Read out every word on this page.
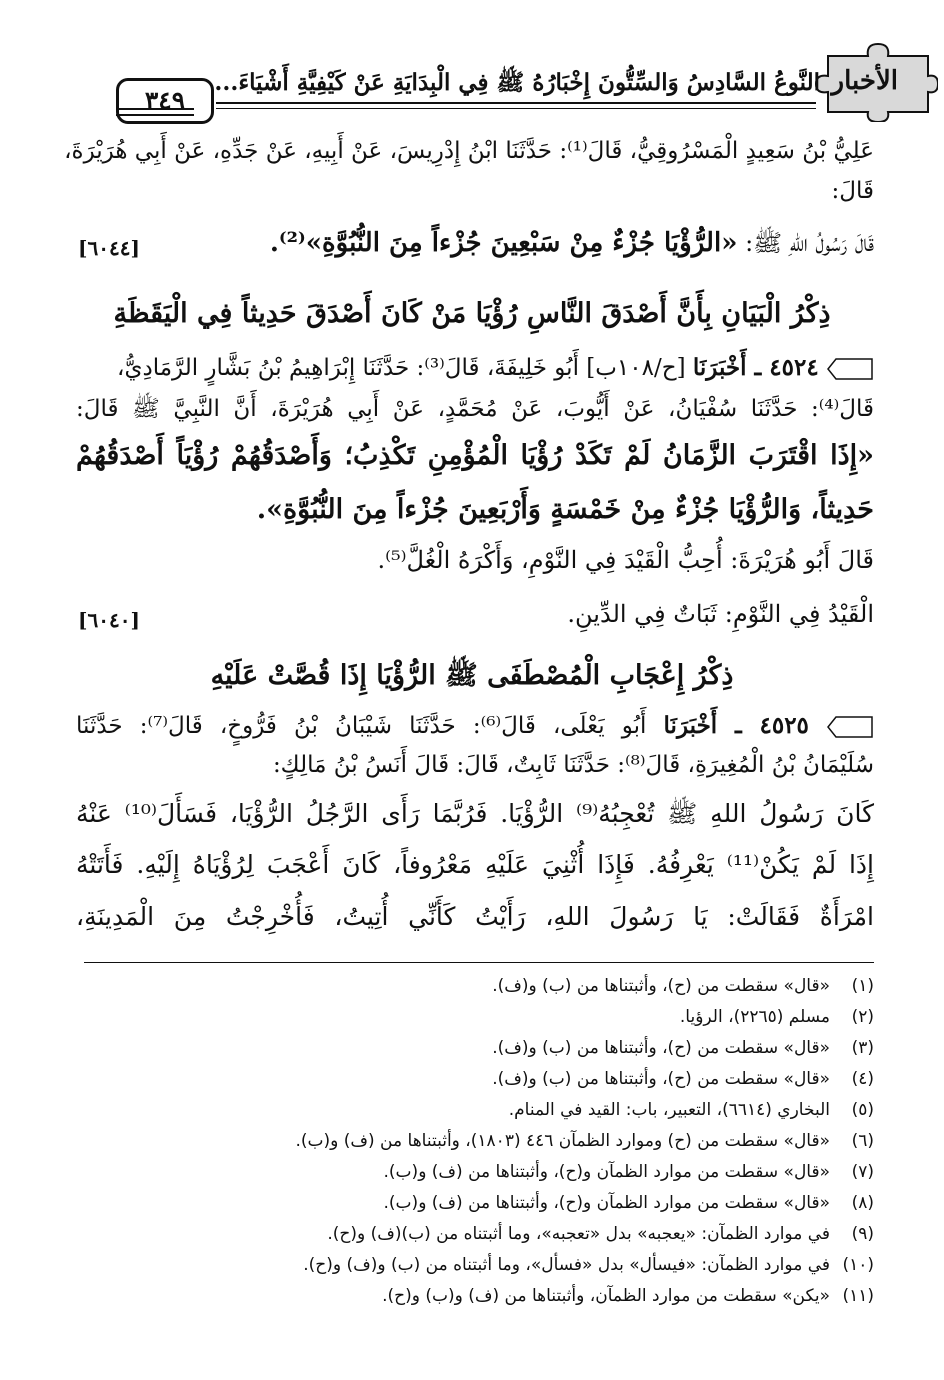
الأخبار
النَّوعُ السَّادِسُ وَالسِّتُّونَ إِخْبَارُهُ ﷺ فِي الْبِدَايَةِ عَنْ كَيْفِيَّةِ أَشْيَاءَ...
٣٤٩
عَلِيُّ بْنُ سَعِيدٍ الْمَسْرُوقِيُّ، قَالَ⁽¹⁾: حَدَّثَنَا ابْنُ إِدْرِيسَ، عَنْ أَبِيهِ، عَنْ جَدِّهِ، عَنْ أَبِي هُرَيْرَةَ،
قَالَ:
قَالَ رَسُولُ اللهِ ﷺ: «الرُّؤْيَا جُزْءٌ مِنْ سَبْعِينَ جُزْءاً مِنَ النُّبُوَّةِ»⁽²⁾.
[٦٠٤٤]
ذِكْرُ الْبَيَانِ بِأَنَّ أَصْدَقَ النَّاسِ رُؤْيَا مَنْ كَانَ أَصْدَقَ حَدِيثاً فِي الْيَقَظَةِ
٤٥٢٤ ـ أَخْبَرَنَا [ح/١٠٨ب] أَبُو خَلِيفَةَ، قَالَ⁽³⁾: حَدَّثَنَا إِبْرَاهِيمُ بْنُ بَشَّارٍ الرَّمَادِيُّ،
قَالَ⁽⁴⁾: حَدَّثَنَا سُفْيَانُ، عَنْ أَيُّوبَ، عَنْ مُحَمَّدٍ، عَنْ أَبِي هُرَيْرَةَ، أَنَّ النَّبِيَّ ﷺ قَالَ:
«إِذَا اقْتَرَبَ الزَّمَانُ لَمْ تَكَدْ رُؤْيَا الْمُؤْمِنِ تَكْذِبُ؛ وَأَصْدَقُهُمْ رُؤْيَاً أَصْدَقُهُمْ
حَدِيثاً، وَالرُّؤْيَا جُزْءٌ مِنْ خَمْسَةٍ وَأَرْبَعِينَ جُزْءاً مِنَ النُّبُوَّةِ».
قَالَ أَبُو هُرَيْرَةَ: أُحِبُّ الْقَيْدَ فِي النَّوْمِ، وَأَكْرَهُ الْغُلَّ⁽⁵⁾.
الْقَيْدُ فِي النَّوْمِ: ثَبَاتٌ فِي الدِّينِ.
[٦٠٤٠]
ذِكْرُ إِعْجَابِ الْمُصْطَفَى ﷺ الرُّؤْيَا إِذَا قُصَّتْ عَلَيْهِ
٤٥٢٥ ـ أَخْبَرَنَا أَبُو يَعْلَى، قَالَ⁽⁶⁾: حَدَّثَنَا شَيْبَانُ بْنُ فَرُّوخٍ، قَالَ⁽⁷⁾: حَدَّثَنَا
سُلَيْمَانُ بْنُ الْمُغِيرَةِ، قَالَ⁽⁸⁾: حَدَّثَنَا ثَابِتٌ، قَالَ: قَالَ أَنَسُ بْنُ مَالِكٍ:
كَانَ رَسُولُ اللهِ ﷺ تُعْجِبُهُ⁽⁹⁾ الرُّؤْيَا. فَرُبَّمَا رَأَى الرَّجُلُ الرُّؤْيَا، فَسَأَلَ⁽¹⁰⁾ عَنْهُ
إِذَا لَمْ يَكُنْ⁽¹¹⁾ يَعْرِفُهُ. فَإِذَا أُثْنِيَ عَلَيْهِ مَعْرُوفاً، كَانَ أَعْجَبَ لِرُؤْيَاهُ إِلَيْهِ. فَأَتَتْهُ
امْرَأَةٌ فَقَالَتْ: يَا رَسُولَ اللهِ، رَأَيْتُ كَأَنِّي أُتِيتُ، فَأُخْرِجْتُ مِنَ الْمَدِينَةِ،
(١)«قال» سقطت من (ح)، وأثبتناها من (ب) و(ف).
(٢)مسلم (٢٢٦٥)، الرؤيا.
(٣)«قال» سقطت من (ح)، وأثبتناها من (ب) و(ف).
(٤)«قال» سقطت من (ح)، وأثبتناها من (ب) و(ف).
(٥)البخاري (٦٦١٤)، التعبير، باب: القيد في المنام.
(٦)«قال» سقطت من (ح) وموارد الظمآن ٤٤٦ (١٨٠٣)، وأثبتناها من (ف) و(ب).
(٧)«قال» سقطت من موارد الظمآن و(ح)، وأثبتناها من (ف) و(ب).
(٨)«قال» سقطت من موارد الظمآن و(ح)، وأثبتناها من (ف) و(ب).
(٩)في موارد الظمآن: «يعجبه» بدل «تعجبه»، وما أثبتناه من (ب)(ف) و(ح).
(١٠)في موارد الظمآن: «فيسأل» بدل «فسأل»، وما أثبتناه من (ب) و(ف) و(ح).
(١١)«يكن» سقطت من موارد الظمآن، وأثبتناها من (ف) و(ب) و(ح).
